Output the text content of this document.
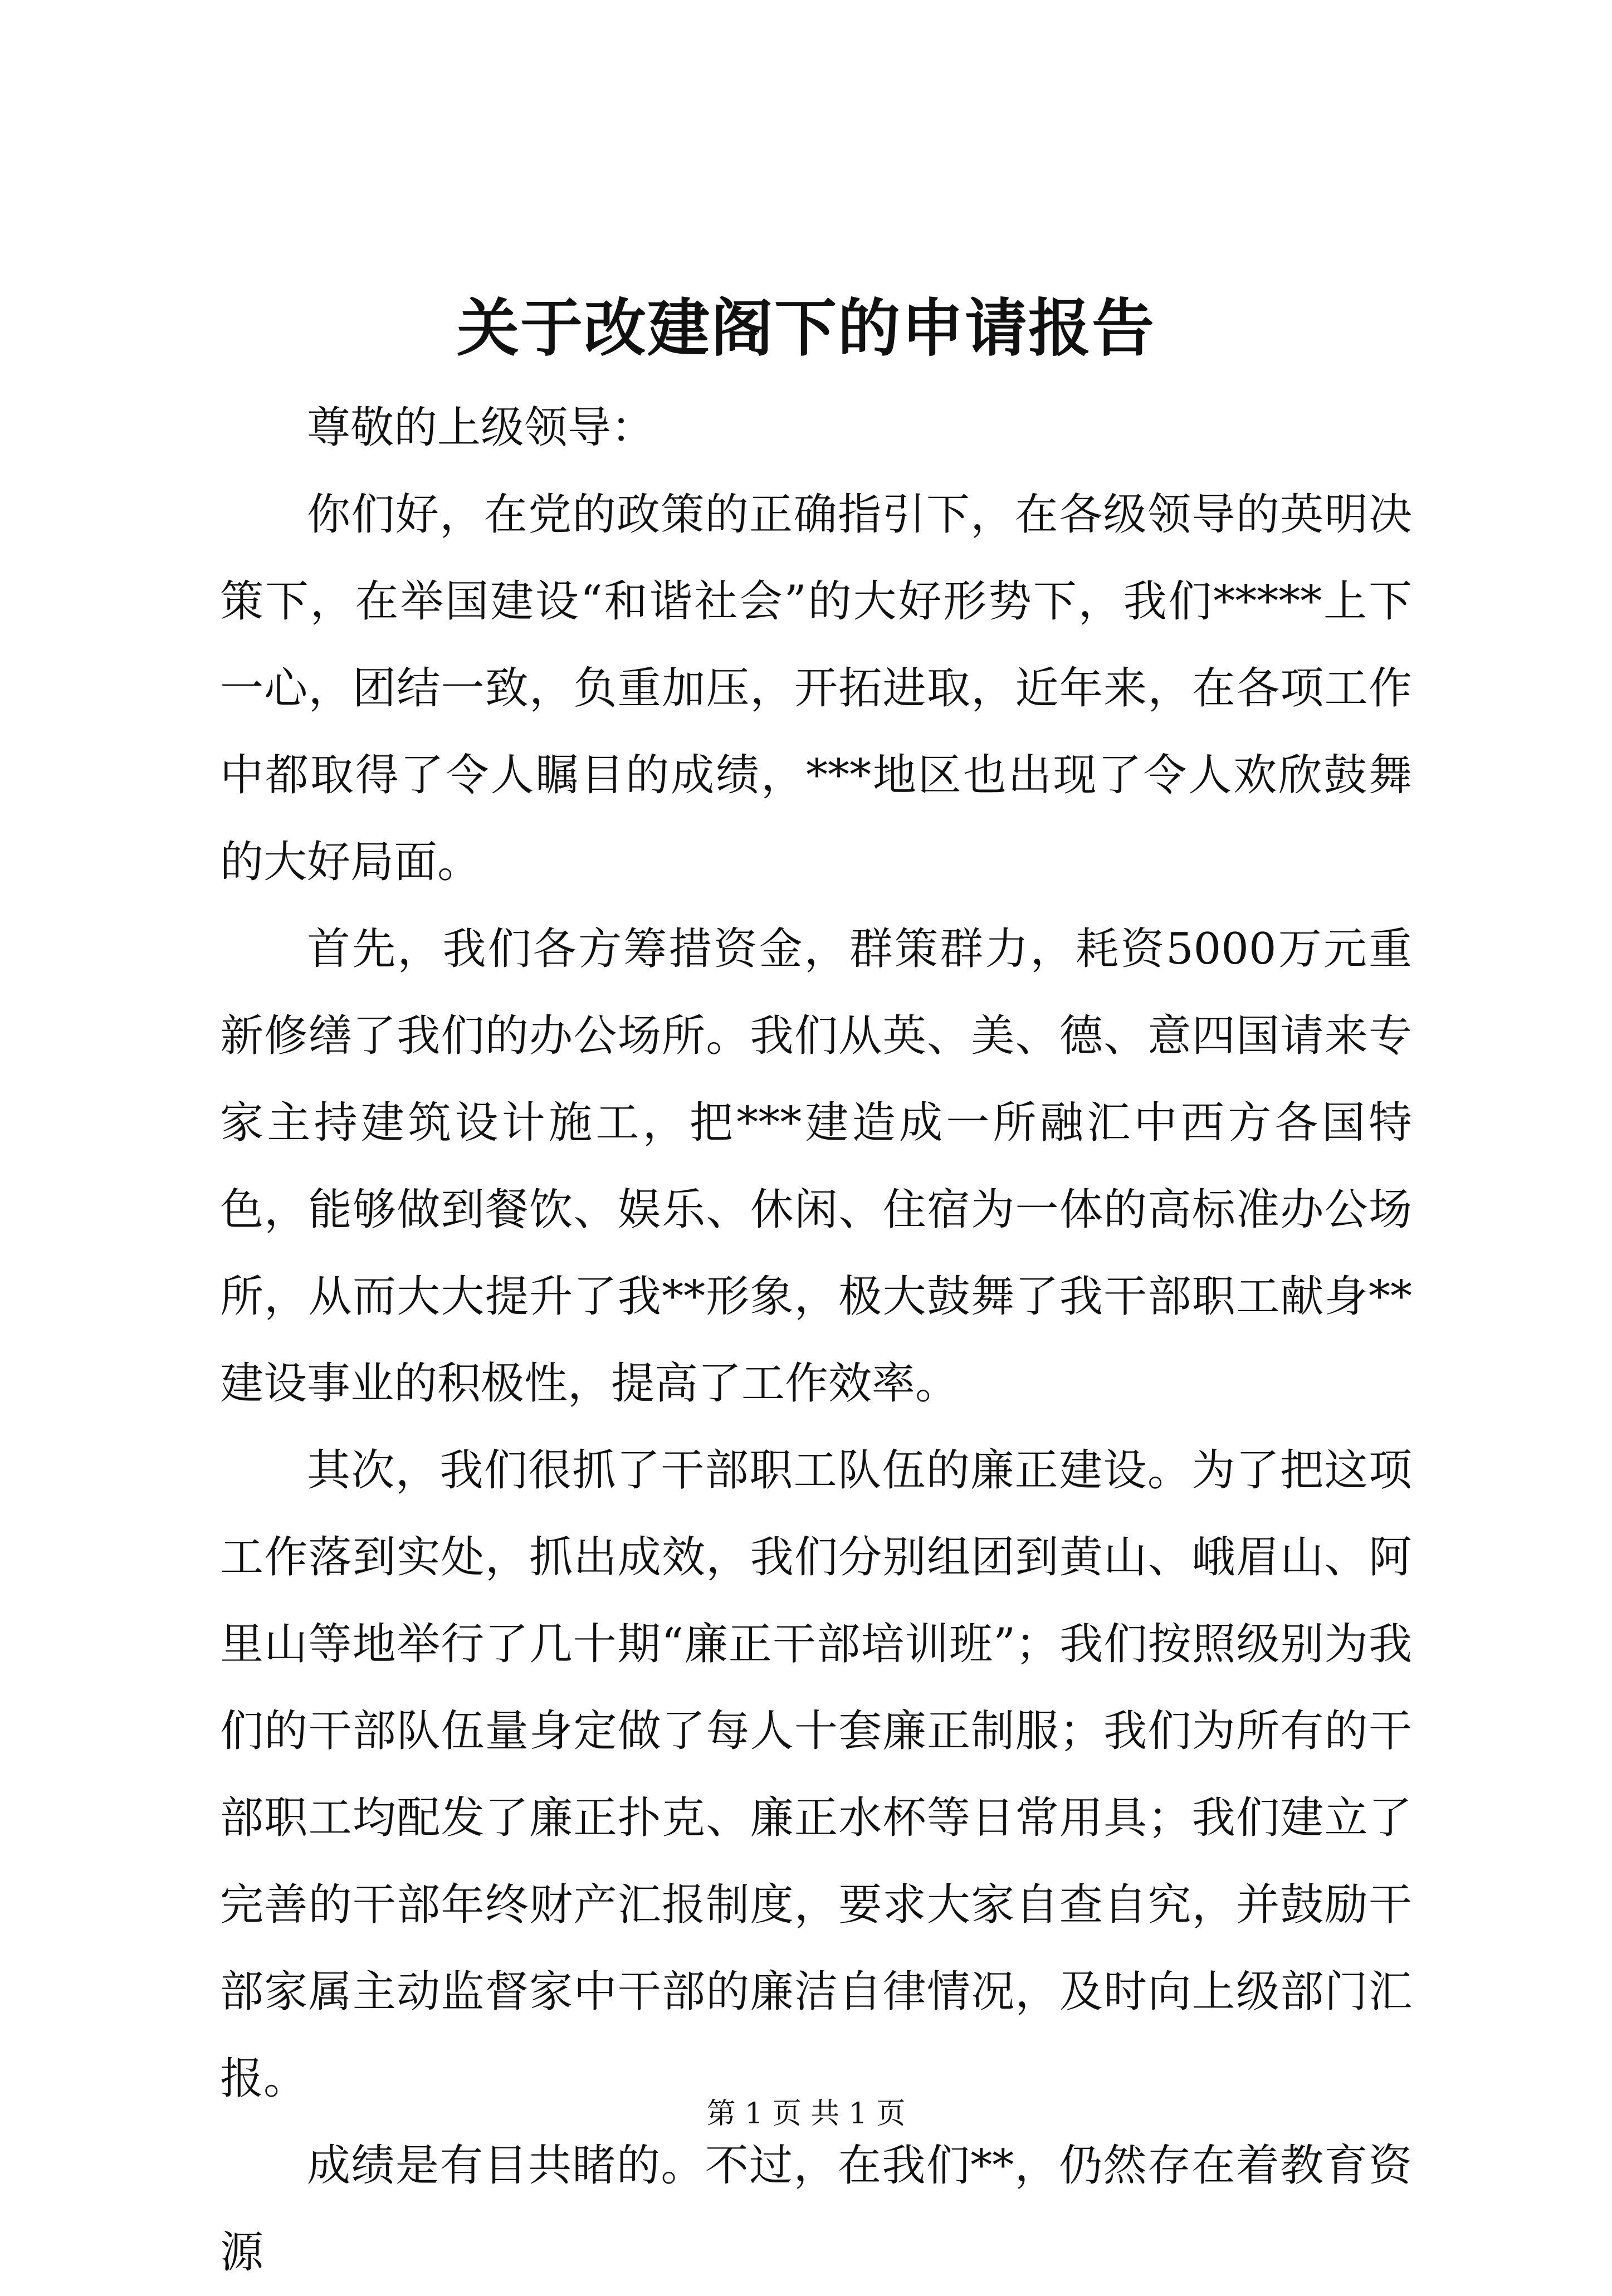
关于改建阁下的申请报告

尊敬的上级领导：

你们好，在党的政策的正确指引下，在各级领导的英明决策下，在举国建设“和谐社会”的大好形势下，我们*****上下一心，团结一致，负重加压，开拓进取，近年来，在各项工作中都取得了令人瞩目的成绩，***地区也出现了令人欢欣鼓舞的大好局面。

首先，我们各方筹措资金，群策群力，耗资5000万元重新修缮了我们的办公场所。我们从英、美、德、意四国请来专家主持建筑设计施工，把***建造成一所融汇中西方各国特色，能够做到餐饮、娱乐、休闲、住宿为一体的高标准办公场所，从而大大提升了我**形象，极大鼓舞了我干部职工献身**建设事业的积极性，提高了工作效率。

其次，我们很抓了干部职工队伍的廉正建设。为了把这项工作落到实处，抓出成效，我们分别组团到黄山、峨眉山、阿里山等地举行了几十期“廉正干部培训班”；我们按照级别为我们的干部队伍量身定做了每人十套廉正制服；我们为所有的干部职工均配发了廉正扑克、廉正水杯等日常用具；我们建立了完善的干部年终财产汇报制度，要求大家自查自究，并鼓励干部家属主动监督家中干部的廉洁自律情况，及时向上级部门汇报。

成绩是有目共睹的。不过，在我们**，仍然存在着教育资源

第 1 页 共 1 页
